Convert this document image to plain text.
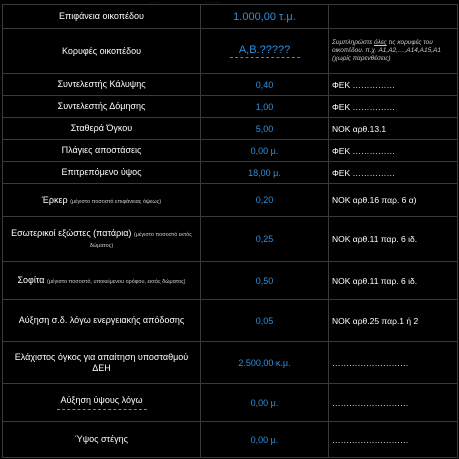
… …	… … …
Επιφάνεια οικοπέδου	1.000,00 τ.μ.	
Κορυφές οικοπέδου	Α,Β.?????	Συμπληρώστε όλες τις κορυφές του οικοπέδου. π.χ. Α1,Α2,…,Α14,Α15,Α1 (χωρίς παρενθέσεις)

Συντελεστής Κάλυψης	0,40	ΦΕΚ ……………
Συντελεστής Δόμησης	1,00	ΦΕΚ ……………
Σταθερά Όγκου	5,00	ΝΟΚ αρθ.13.1
Πλάγιες αποστάσεις	0,00 μ.	ΦΕΚ ……………
Επιτρεπόμενο ύψος	18,00 μ.	ΦΕΚ ……………
Έρκερ (μέγιστο ποσοστό επιφάνειας όψεως)	0,20	ΝΟΚ αρθ.16 παρ. 6 α)
Εσωτερικοί εξώστες (πατάρια) (μέγιστο ποσοστό εκτός δώματος)	0,25	ΝΟΚ αρθ.11 παρ. 6 ιδ.
Σοφίτα (μέγιστο ποσοστό, υποκείμενου ορόφου, εκτός δώματος)	0,50	ΝΟΚ αρθ.11 παρ. 6 ιδ.
Αύξηση σ.δ. λόγω ενεργειακής απόδοσης	0,05	ΝΟΚ αρθ.25 παρ.1 ή 2
Ελάχιστος όγκος για απαίτηση υποσταθμού ΔΕΗ	2.500,00 κ.μ.	………………………
Αύξηση ύψους λόγω	0,00 μ.	………………………
Ύψος στέγης	0,00 μ.	………………………
